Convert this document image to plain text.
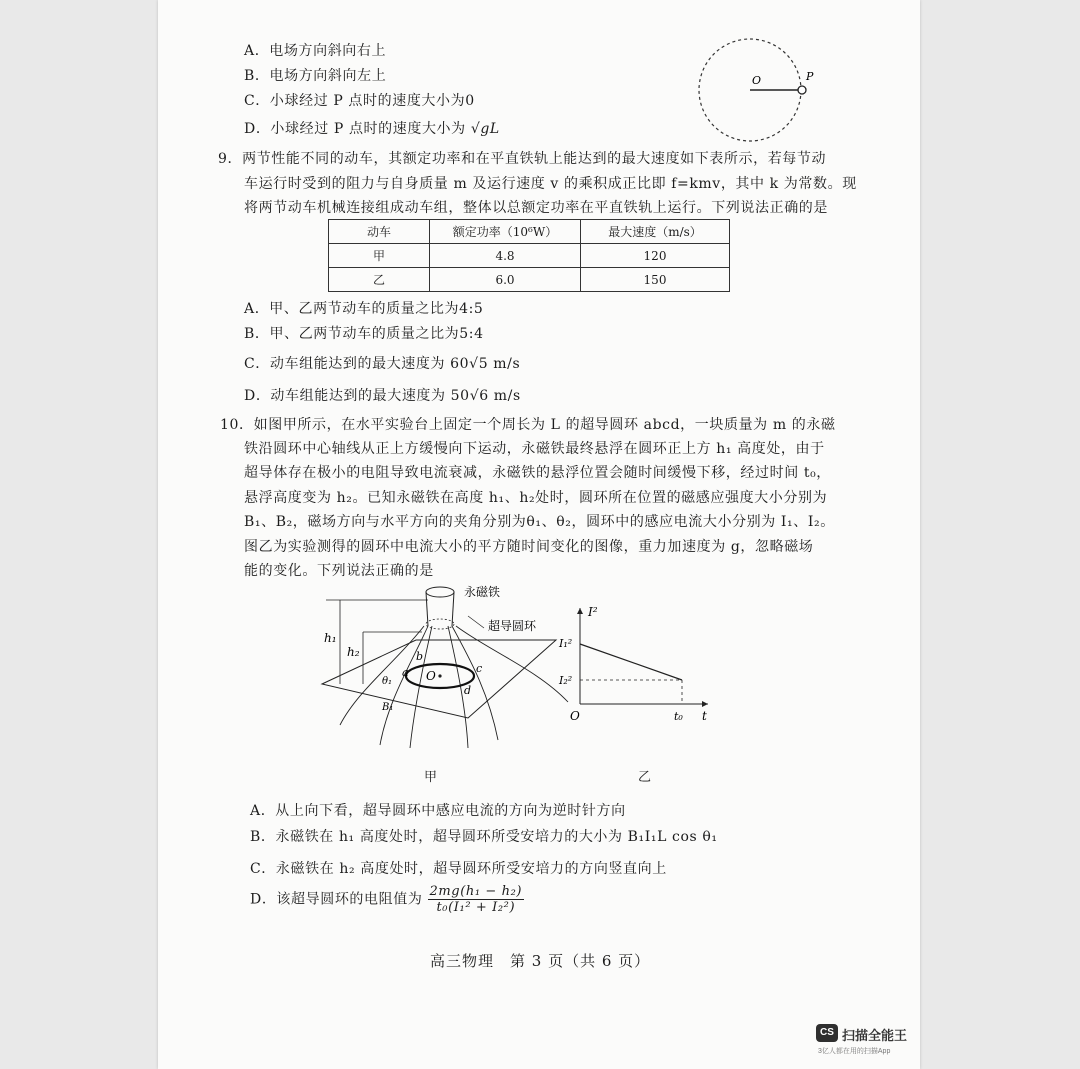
A．电场方向斜向右上
B．电场方向斜向左上
C．小球经过 P 点时的速度大小为0
D．小球经过 P 点时的速度大小为 √gL
O	P
9．两节性能不同的动车，其额定功率和在平直铁轨上能达到的最大速度如下表所示，若每节动
车运行时受到的阻力与自身质量 m 及运行速度 v 的乘积成正比即 f=kmv，其中 k 为常数。现
将两节动车机械连接组成动车组，整体以总额定功率在平直铁轨上运行。下列说法正确的是
动车	额定功率（10⁶W）	最大速度（m/s）
甲	4.8	120
乙	6.0	150
A．甲、乙两节动车的质量之比为4:5
B．甲、乙两节动车的质量之比为5:4
C．动车组能达到的最大速度为 60√5 m/s
D．动车组能达到的最大速度为 50√6 m/s
10．如图甲所示，在水平实验台上固定一个周长为 L 的超导圆环 abcd，一块质量为 m 的永磁
铁沿圆环中心轴线从正上方缓慢向下运动，永磁铁最终悬浮在圆环正上方 h₁ 高度处，由于
超导体存在极小的电阻导致电流衰减，永磁铁的悬浮位置会随时间缓慢下移，经过时间 t₀，
悬浮高度变为 h₂。已知永磁铁在高度 h₁、h₂处时，圆环所在位置的磁感应强度大小分别为
B₁、B₂，磁场方向与水平方向的夹角分别为θ₁、θ₂，圆环中的感应电流大小分别为 I₁、I₂。
图乙为实验测得的圆环中电流大小的平方随时间变化的图像，重力加速度为 g，忽略磁场
能的变化。下列说法正确的是
h₁
h₂
O
a
b
c
d
θ₁
B₁
永磁铁
超导圆环
I²
I₁²
I₂²
O	t₀ t
甲	乙
A．从上向下看，超导圆环中感应电流的方向为逆时针方向
B．永磁铁在 h₁ 高度处时，超导圆环所受安培力的大小为 B₁I₁L cos θ₁
C．永磁铁在 h₂ 高度处时，超导圆环所受安培力的方向竖直向上
D．该超导圆环的电阻值为 $\frac{\text{2mg(h₁ − h₂)}}{\text{t₀(I₁² + I₂²)}}$
高三物理　第 3 页（共 6 页）
CS 扫描全能王
3亿人都在用的扫描App
